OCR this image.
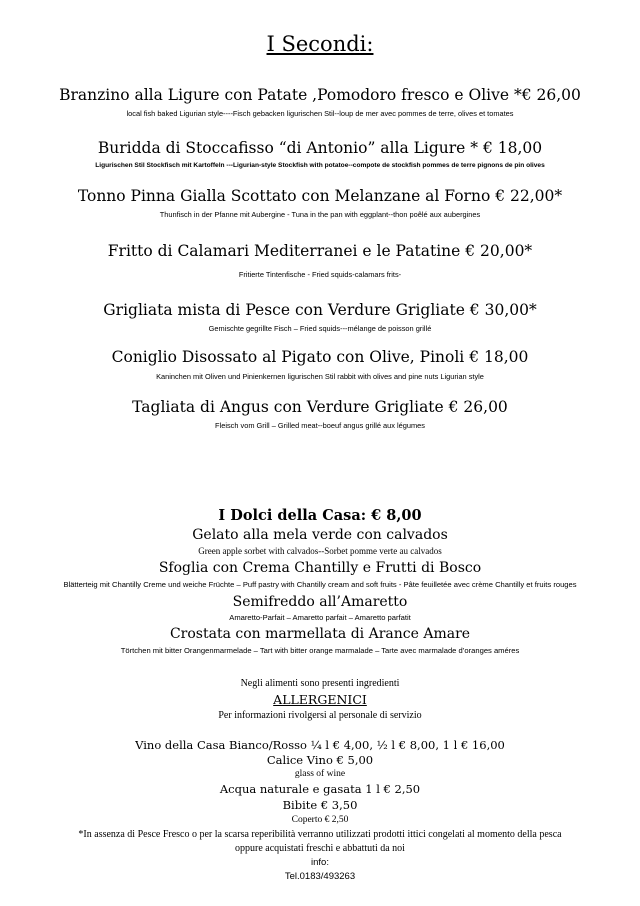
I Secondi:
Branzino alla Ligure con Patate ,Pomodoro fresco e Olive *€ 26,00
local fish baked Ligurian style----Fisch gebacken ligurischen Stil--loup de mer avec pommes de terre, olives et tomates
Buridda di Stoccafisso “di Antonio” alla Ligure * € 18,00
Ligurischen Stil Stockfisch mit Kartoffeln ---Ligurian-style Stockfish with potatoe--compote de stockfish pommes de terre pignons de pin olives
Tonno Pinna Gialla Scottato con Melanzane al Forno € 22,00*
Thunfisch in der Pfanne mit Aubergine - Tuna in the pan with eggplant--thon poêlé aux aubergines
Fritto di Calamari Mediterranei e le Patatine € 20,00*
Fritierte Tintenfische - Fried squids-calamars frits-
Grigliata mista di Pesce con Verdure Grigliate € 30,00*
Gemischte gegrillte Fisch – Fried squids---mélange de poisson grillé
Coniglio Disossato al Pigato con Olive, Pinoli € 18,00
Kaninchen mit Oliven und Pinienkernen ligurischen Stil rabbit with olives and pine nuts Ligurian style
Tagliata di Angus con Verdure Grigliate € 26,00
Fleisch vom Grill – Grilled meat--boeuf angus grillé aux légumes
I Dolci della Casa: € 8,00
Gelato alla mela verde con calvados
Green apple sorbet with calvados--Sorbet pomme verte au calvados
Sfoglia con Crema Chantilly e Frutti di Bosco
Blätterteig mit Chantilly Creme und weiche Früchte – Puff pastry with Chantilly cream and soft fruits - Pâte feuilletée avec crème Chantilly et fruits rouges
Semifreddo all’Amaretto
Amaretto-Parfait – Amaretto parfait – Amaretto parfatit
Crostata con marmellata di Arance Amare
Törtchen mit bitter Orangenmarmelade – Tart with bitter orange marmalade – Tarte avec marmalade d’oranges améres
Negli alimenti sono presenti ingredienti
ALLERGENICI
Per informazioni rivolgersi al personale di servizio
Vino della Casa Bianco/Rosso ¼ l € 4,00, ½ l € 8,00, 1 l € 16,00
Calice Vino € 5,00
glass of wine
Acqua naturale e gasata 1 l € 2,50
Bibite € 3,50
Coperto € 2,50
*In assenza di Pesce Fresco o per la scarsa reperibilità verranno utilizzati prodotti ittici congelati al momento della pesca
oppure acquistati freschi e abbattuti da noi
info:
Tel.0183/493263
